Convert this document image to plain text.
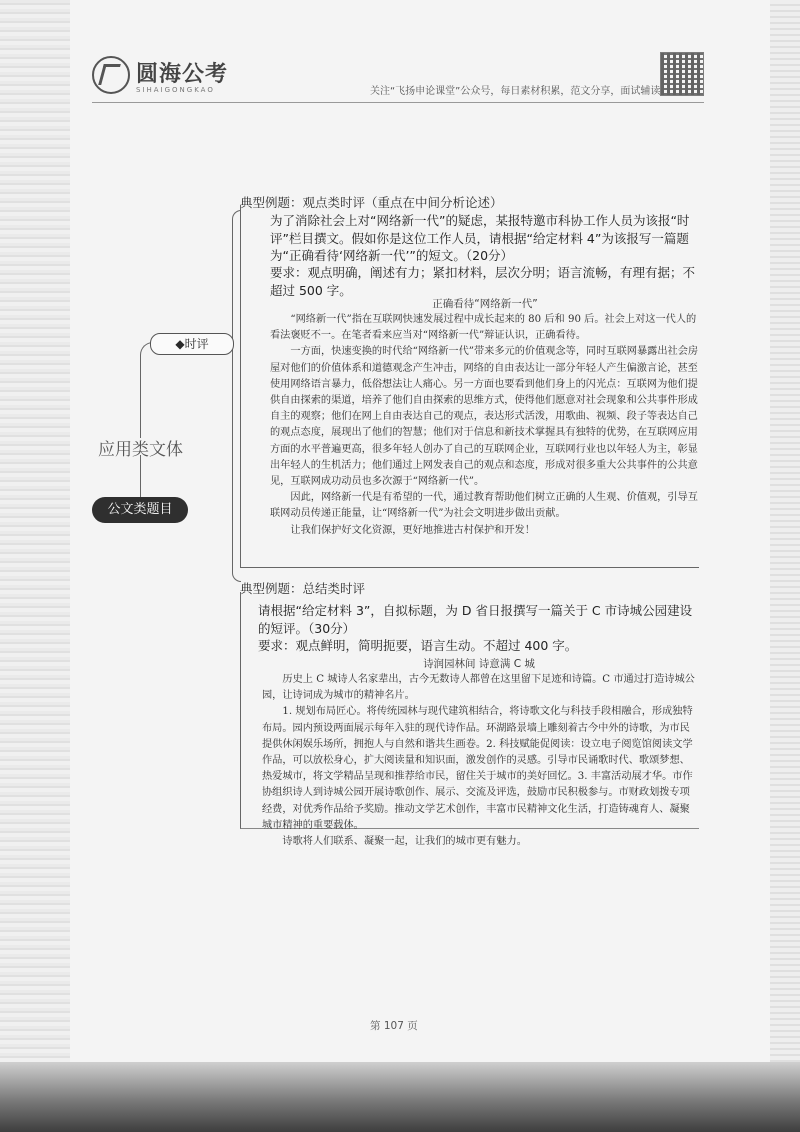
圆海公考
SIHAIGONGKAO	关注“飞扬申论课堂”公众号，每日素材积累，范文分享，面试辅读
◆时评
应用类文体
公文类题目
典型例题：观点类时评（重点在中间分析论述）
为了消除社会上对“网络新一代”的疑虑，某报特邀市科协工作人员为该报“时评”栏目撰文。假如你是这位工作人员，请根据“给定材料 4”为该报写一篇题为“正确看待‘网络新一代’”的短文。（20分）
要求：观点明确，阐述有力；紧扣材料，层次分明；语言流畅，有理有据；不超过 500 字。
正确看待“网络新一代”

“网络新一代”指在互联网快速发展过程中成长起来的 80 后和 90 后。社会上对这一代人的看法褒贬不一。在笔者看来应当对“网络新一代”辩证认识，正确看待。

一方面，快速变换的时代给“网络新一代”带来多元的价值观念等，同时互联网暴露出社会房屋对他们的价值体系和道德观念产生冲击，网络的自由表达让一部分年轻人产生偏激言论，甚至使用网络语言暴力，低俗想法让人痛心。另一方面也要看到他们身上的闪光点：互联网为他们提供自由探索的渠道，培养了他们自由探索的思维方式，使得他们愿意对社会现象和公共事件形成自主的观察；他们在网上自由表达自己的观点，表达形式活泼，用歌曲、视频、段子等表达自己的观点态度，展现出了他们的智慧；他们对于信息和新技术掌握具有独特的优势，在互联网应用方面的水平普遍更高，很多年轻人创办了自己的互联网企业，互联网行业也以年轻人为主，彰显出年轻人的生机活力；他们通过上网发表自己的观点和态度，形成对很多重大公共事件的公共意见，互联网成功动员也多次源于“网络新一代”。

因此，网络新一代是有希望的一代，通过教育帮助他们树立正确的人生观、价值观，引导互联网动员传递正能量，让“网络新一代”为社会文明进步做出贡献。

让我们保护好文化资源，更好地推进古村保护和开发！

典型例题：总结类时评
请根据“给定材料 3”，自拟标题，为 D 省日报撰写一篇关于 C 市诗城公园建设的短评。（30分）
要求：观点鲜明，简明扼要，语言生动。不超过 400 字。
诗润园林间 诗意满 C 城

历史上 C 城诗人名家辈出，古今无数诗人都曾在这里留下足迹和诗篇。C 市通过打造诗城公园，让诗词成为城市的精神名片。

1. 规划布局匠心。将传统园林与现代建筑相结合，将诗歌文化与科技手段相融合，形成独特布局。园内预设两面展示每年入驻的现代诗作品。环湖路景墙上雕刻着古今中外的诗歌，为市民提供休闲娱乐场所，拥抱人与自然和谐共生画卷。2. 科技赋能促阅读：设立电子阅览馆阅读文学作品，可以放松身心，扩大阅读量和知识面，激发创作的灵感。引导市民诵歌时代、歌颂梦想、热爱城市，将文学精品呈现和推荐给市民，留住关于城市的美好回忆。3. 丰富活动展才华。市作协组织诗人到诗城公园开展诗歌创作、展示、交流及评选，鼓励市民积极参与。市财政划拨专项经费，对优秀作品给予奖励。推动文学艺术创作，丰富市民精神文化生活，打造铸魂育人、凝聚城市精神的重要载体。

诗歌将人们联系、凝聚一起，让我们的城市更有魅力。

第 107 页
